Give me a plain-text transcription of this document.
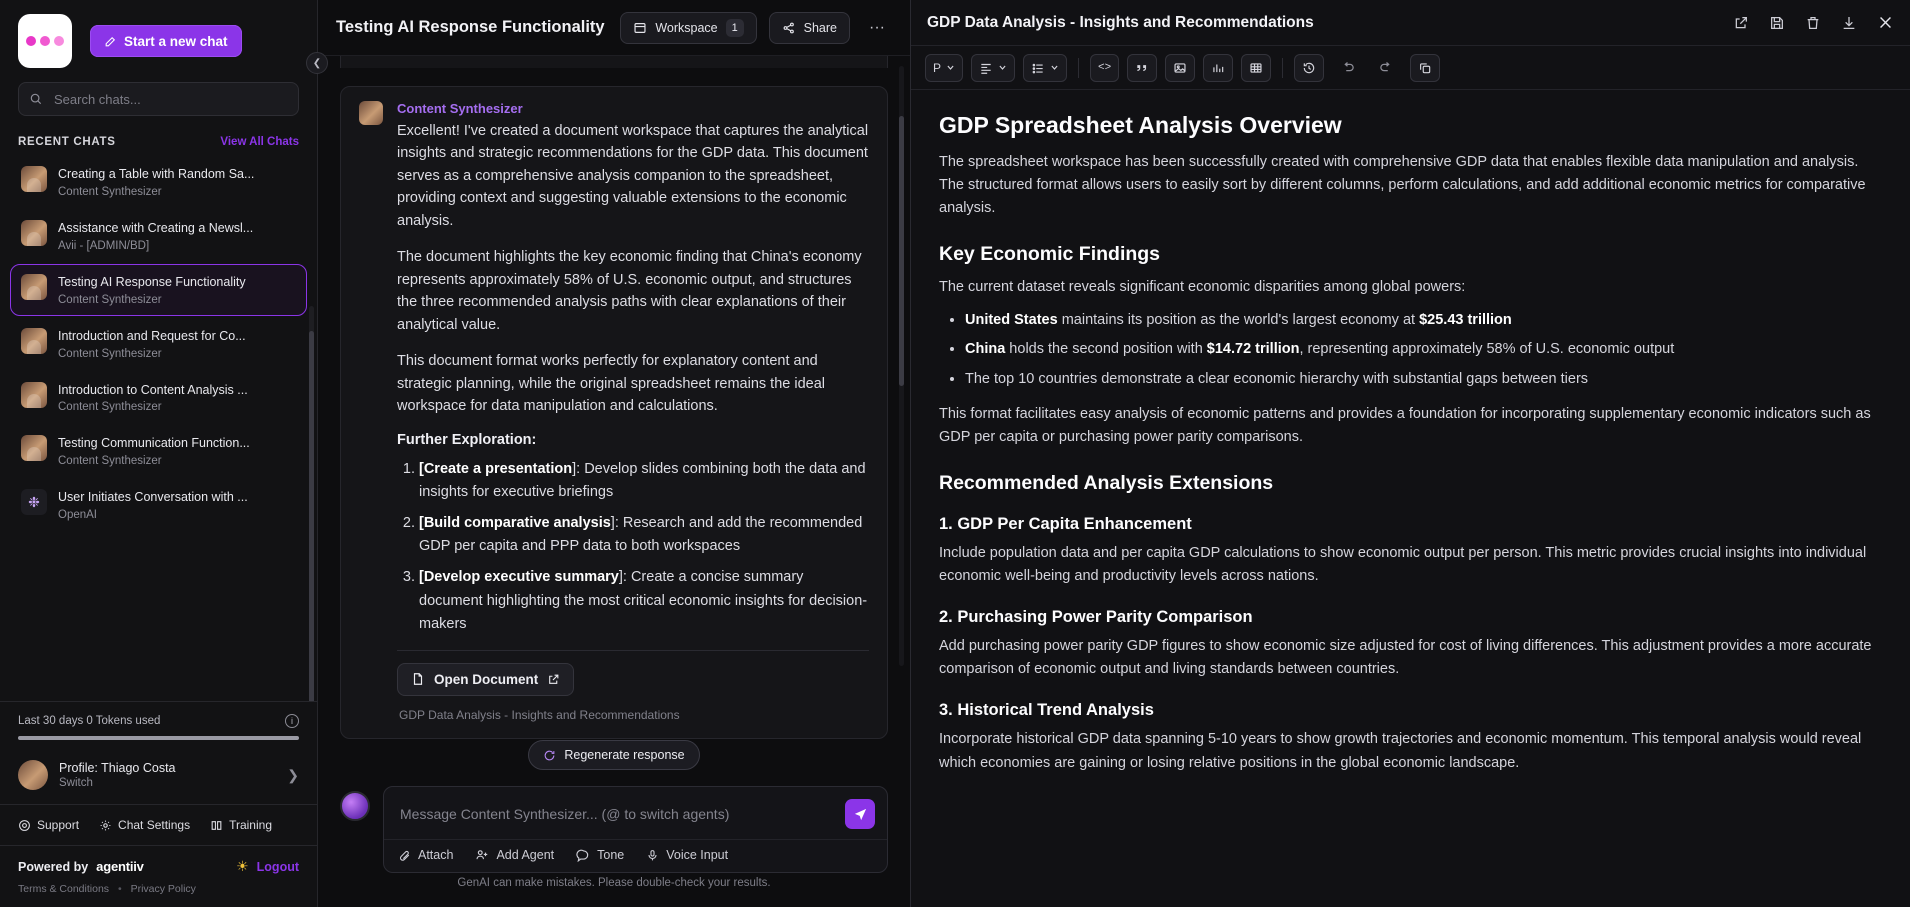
❮
Start a new chat
Search chats...
RECENT CHATS	View All Chats
Creating a Table with Random Sa...
Content Synthesizer
Assistance with Creating a Newsl...
Avii - [ADMIN/BD]
Testing AI Response Functionality
Content Synthesizer
Introduction and Request for Co...
Content Synthesizer
Introduction to Content Analysis ...
Content Synthesizer
Testing Communication Function...
Content Synthesizer
❉	User Initiates Conversation with ...
OpenAI
Last 30 days 0 Tokens used	i
Profile: Thiago Costa
Switch
❯
Support	Chat Settings	Training
Powered by agentiiv	☀ Logout
Terms & Conditions • Privacy Policy
Testing AI Response Functionality	Workspace	1	Share ···
Content Synthesizer

Excellent! I've created a document workspace that captures the analytical insights and strategic recommendations for the GDP data. This document serves as a comprehensive analysis companion to the spreadsheet, providing context and suggesting valuable extensions to the economic analysis.

The document highlights the key economic finding that China's economy represents approximately 58% of U.S. economic output, and structures the three recommended analysis paths with clear explanations of their analytical value.

This document format works perfectly for explanatory content and strategic planning, while the original spreadsheet remains the ideal workspace for data manipulation and calculations.

Further Exploration:
1. [Create a presentation]: Develop slides combining both the data and insights for executive briefings
2. [Build comparative analysis]: Research and add the recommended GDP per capita and PPP data to both workspaces
3. [Develop executive summary]: Create a concise summary document highlighting the most critical economic insights for decision-makers
Open Document
GDP Data Analysis - Insights and Recommendations
Regenerate response
Message Content Synthesizer... (@ to switch agents)
Attach	Add Agent	Tone	Voice Input
GenAI can make mistakes. Please double-check your results.
GDP Data Analysis - Insights and Recommendations
P	<>
GDP Spreadsheet Analysis Overview

The spreadsheet workspace has been successfully created with comprehensive GDP data that enables flexible data manipulation and analysis. The structured format allows users to easily sort by different columns, perform calculations, and add additional economic metrics for comparative analysis.

Key Economic Findings

The current dataset reveals significant economic disparities among global powers:

• United States maintains its position as the world's largest economy at $25.43 trillion
• China holds the second position with $14.72 trillion, representing approximately 58% of U.S. economic output
• The top 10 countries demonstrate a clear economic hierarchy with substantial gaps between tiers

This format facilitates easy analysis of economic patterns and provides a foundation for incorporating supplementary economic indicators such as GDP per capita or purchasing power parity comparisons.

Recommended Analysis Extensions
1. GDP Per Capita Enhancement

Include population data and per capita GDP calculations to show economic output per person. This metric provides crucial insights into individual economic well-being and productivity levels across nations.

2. Purchasing Power Parity Comparison

Add purchasing power parity GDP figures to show economic size adjusted for cost of living differences. This adjustment provides a more accurate comparison of economic output and living standards between countries.

3. Historical Trend Analysis

Incorporate historical GDP data spanning 5-10 years to show growth trajectories and economic momentum. This temporal analysis would reveal which economies are gaining or losing relative positions in the global economic landscape.
